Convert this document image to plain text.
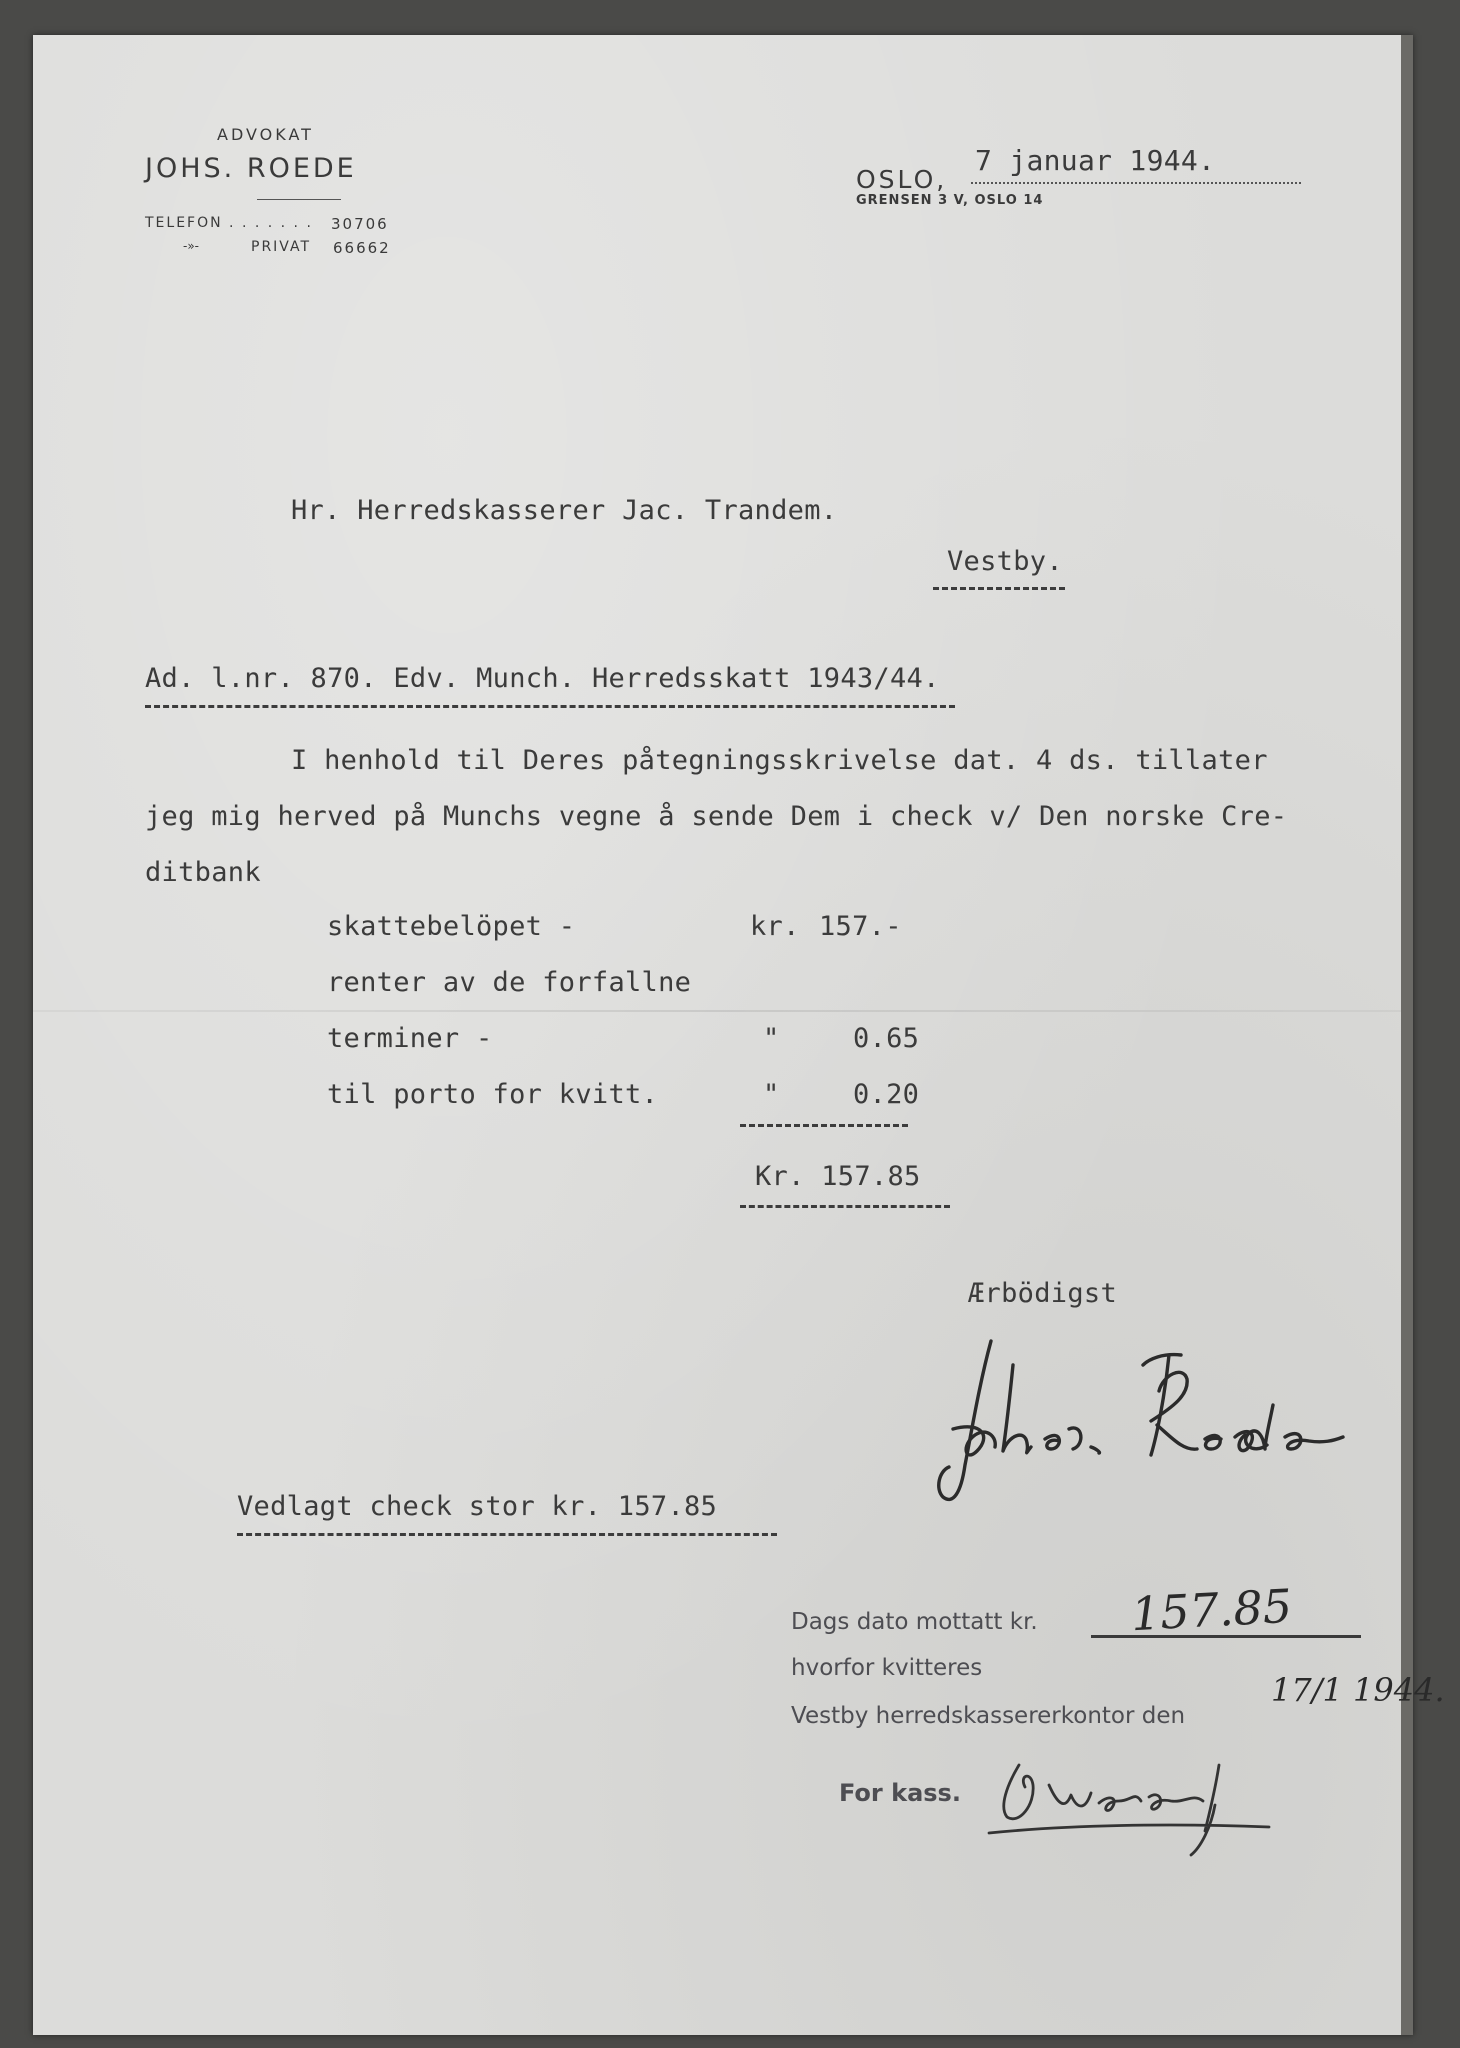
ADVOKAT
JOHS. ROEDE
TELEFON . . . . . . . 30706
-»-	PRIVAT 66662
OSLO,
7 januar 1944.
GRENSEN 3 V, OSLO 14
Hr. Herredskasserer Jac. Trandem.
Vestby.
Ad. l.nr. 870. Edv. Munch. Herredsskatt 1943/44.
I henhold til Deres påtegningsskrivelse dat. 4 ds. tillater
jeg mig herved på Munchs vegne å sende Dem i check v/ Den norske Cre-
ditbank
skattebelöpet -	kr. 157.-
renter av de forfallne
terminer -	"	0.65
til porto for kvitt.	"	0.20
Kr. 157.85
Ærbödigst
Vedlagt check stor kr. 157.85
Dags dato mottatt kr. 157.85
hvorfor kvitteres
Vestby herredskassererkontor den
17/1 1944.
For kass.
